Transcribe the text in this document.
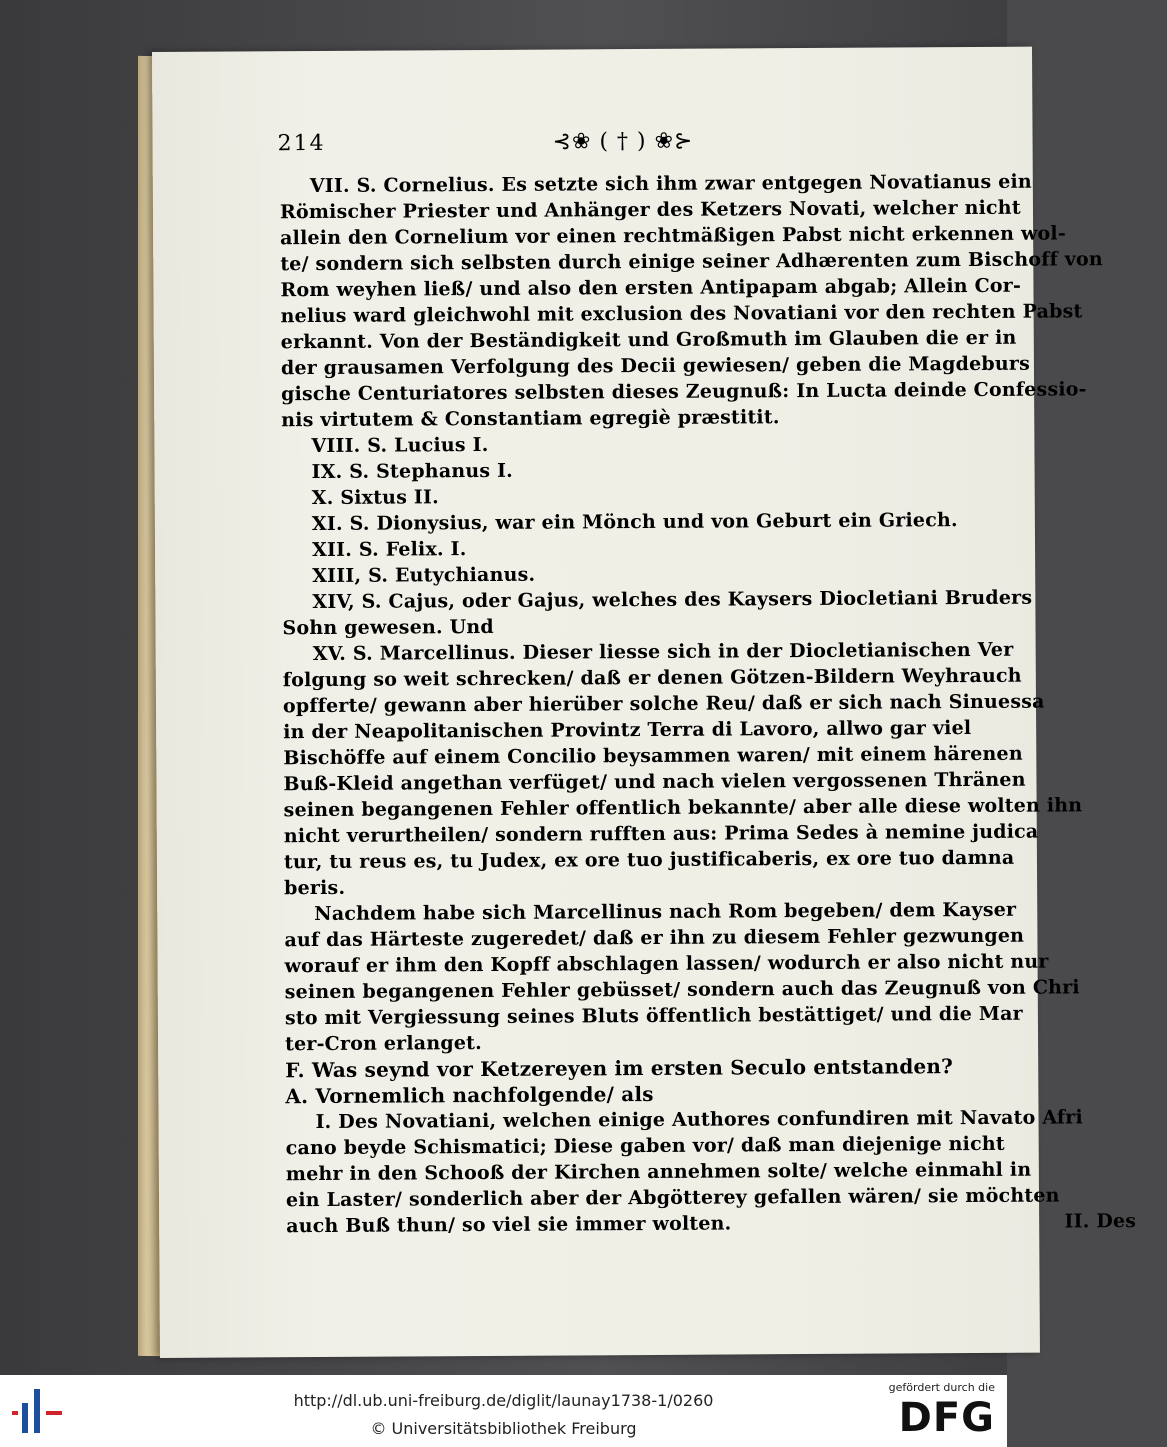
214	⊰❀ ( † ) ❀⊱
VII. S. Cornelius. Es setzte sich ihm zwar entgegen Novatianus ein
Römischer Priester und Anhänger des Ketzers Novati, welcher nicht
allein den Cornelium vor einen rechtmäßigen Pabst nicht erkennen wol-
te/ sondern sich selbsten durch einige seiner Adhærenten zum Bischoff von
Rom weyhen ließ/ und also den ersten Antipapam abgab; Allein Cor-
nelius ward gleichwohl mit exclusion des Novatiani vor den rechten Pabst
erkannt. Von der Beständigkeit und Großmuth im Glauben die er in
der grausamen Verfolgung des Decii gewiesen/ geben die Magdeburs
gische Centuriatores selbsten dieses Zeugnuß: In Lucta deinde Confessio-
nis virtutem & Constantiam egregiè præstitit.
VIII. S. Lucius I.
IX. S. Stephanus I.
X. Sixtus II.
XI. S. Dionysius, war ein Mönch und von Geburt ein Griech.
XII. S. Felix. I.
XIII, S. Eutychianus.
XIV, S. Cajus, oder Gajus, welches des Kaysers Diocletiani Bruders
Sohn gewesen. Und
XV. S. Marcellinus. Dieser liesse sich in der Diocletianischen Ver
folgung so weit schrecken/ daß er denen Götzen-Bildern Weyhrauch
opfferte/ gewann aber hierüber solche Reu/ daß er sich nach Sinuessa
in der Neapolitanischen Provintz Terra di Lavoro, allwo gar viel
Bischöffe auf einem Concilio beysammen waren/ mit einem härenen
Buß-Kleid angethan verfüget/ und nach vielen vergossenen Thränen
seinen begangenen Fehler offentlich bekannte/ aber alle diese wolten ihn
nicht verurtheilen/ sondern rufften aus: Prima Sedes à nemine judica
tur, tu reus es, tu Judex, ex ore tuo justificaberis, ex ore tuo damna
beris.
Nachdem habe sich Marcellinus nach Rom begeben/ dem Kayser
auf das Härteste zugeredet/ daß er ihn zu diesem Fehler gezwungen
worauf er ihm den Kopff abschlagen lassen/ wodurch er also nicht nur
seinen begangenen Fehler gebüsset/ sondern auch das Zeugnuß von Chri
sto mit Vergiessung seines Bluts öffentlich bestättiget/ und die Mar
ter-Cron erlanget.
F. Was seynd vor Ketzereyen im ersten Seculo entstanden?
A. Vornemlich nachfolgende/ als
I. Des Novatiani, welchen einige Authores confundiren mit Navato Afri
cano beyde Schismatici; Diese gaben vor/ daß man diejenige nicht
mehr in den Schooß der Kirchen annehmen solte/ welche einmahl in
ein Laster/ sonderlich aber der Abgötterey gefallen wären/ sie möchten
auch Buß thun/ so viel sie immer wolten.	II. Des
http://dl.ub.uni-freiburg.de/diglit/launay1738-1/0260
© Universitätsbibliothek Freiburg
gefördert durch die
DFG
